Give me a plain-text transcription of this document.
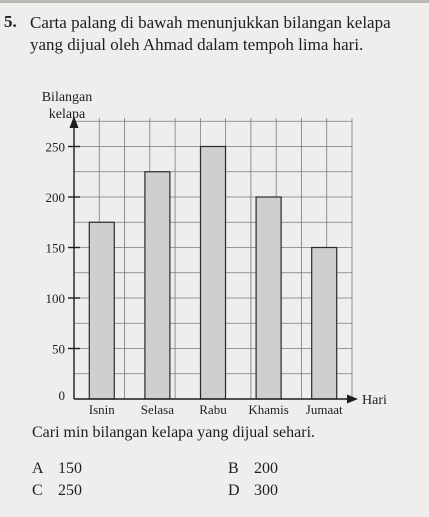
5. Carta palang di bawah menunjukkan bilangan kelapa
yang dijual oleh Ahmad dalam tempoh lima hari.
Isnin Selasa Rabu Khamis Jumaat
0
50
100
150
200
250
Bilangan
kelapa
Hari
Cari min bilangan kelapa yang dijual sehari.
A 150	B 200
C 250	D 300
